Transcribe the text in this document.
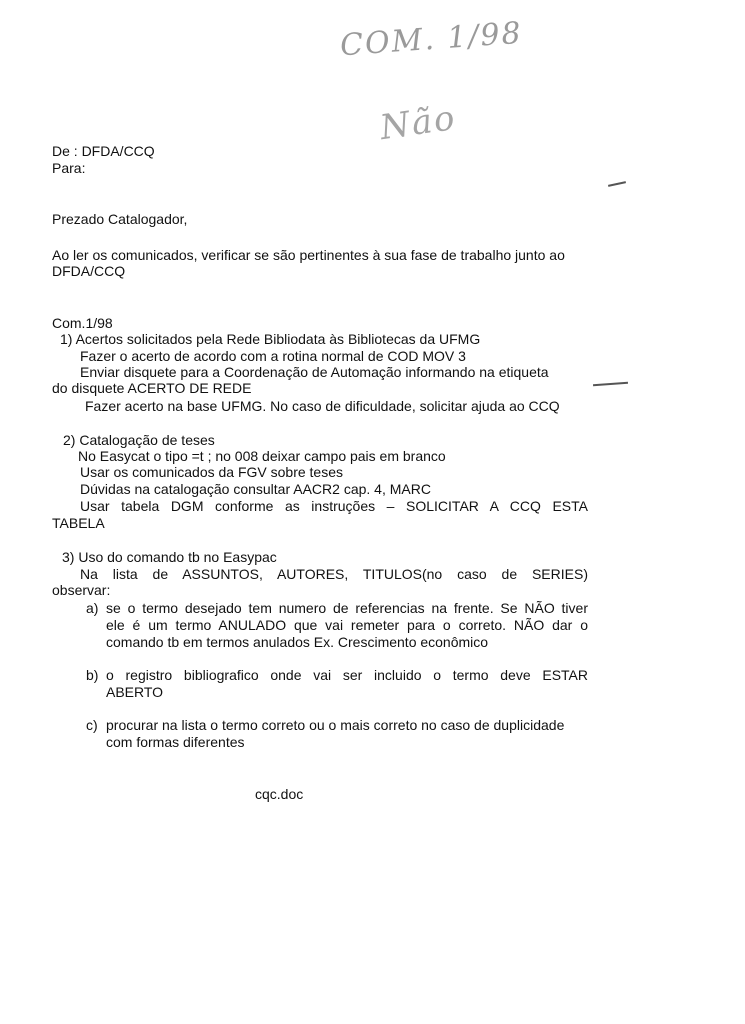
COM. 1/98
Não
De : DFDA/CCQ
Para:
Prezado Catalogador,
Ao ler os comunicados, verificar se são pertinentes à sua fase de trabalho junto ao
DFDA/CCQ
Com.1/98
1) Acertos solicitados pela Rede Bibliodata às Bibliotecas da UFMG
Fazer o acerto de acordo com a rotina normal de COD MOV 3
Enviar disquete para a Coordenação de Automação informando na etiqueta
do disquete ACERTO DE REDE
Fazer acerto na base UFMG. No caso de dificuldade, solicitar ajuda ao CCQ
2) Catalogação de teses
No Easycat o tipo =t ; no 008 deixar campo pais em branco
Usar os comunicados da FGV sobre teses
Dúvidas na catalogação consultar AACR2 cap. 4, MARC
Usar tabela DGM conforme as instruções – SOLICITAR A CCQ ESTA
TABELA
3) Uso do comando tb no Easypac
Na lista de ASSUNTOS, AUTORES, TITULOS(no caso de SERIES)
observar:
a) se o termo desejado tem numero de referencias na frente. Se NÃO tiver
ele é um termo ANULADO que vai remeter para o correto. NÃO dar o
comando tb em termos anulados Ex. Crescimento econômico
b) o registro bibliografico onde vai ser incluido o termo deve ESTAR
ABERTO
c) procurar na lista o termo correto ou o mais correto no caso de duplicidade
com formas diferentes
cqc.doc
